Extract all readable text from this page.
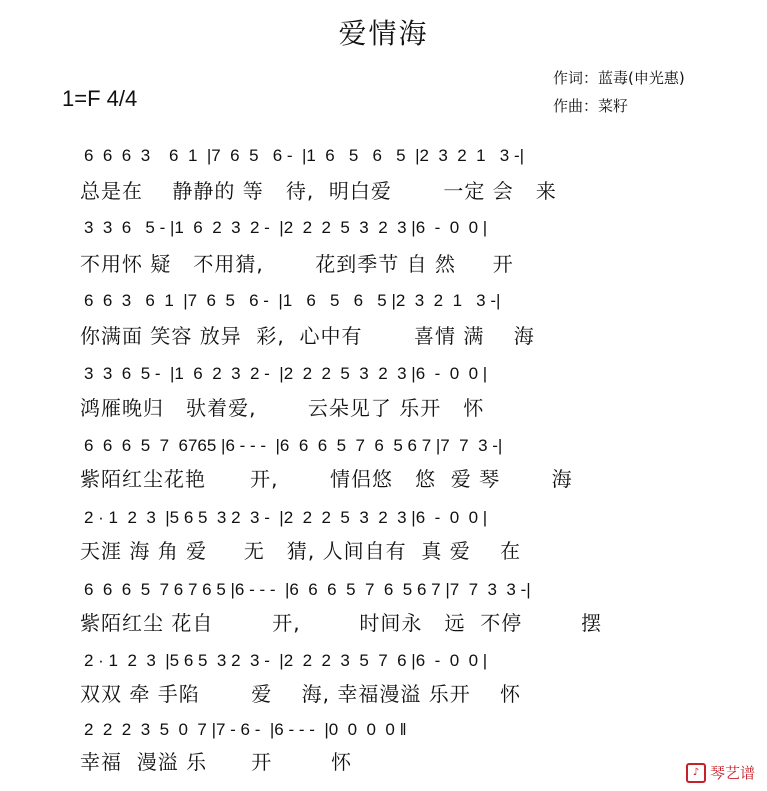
爱情海
1=F 4/4
作词：蓝毒(申光惠)
作曲：菜籽
6  6  6  3    6  1  |7  6  5   6 -  |1  6   5   6   5  |2  3  2  1   3 -|
总是在    静静的 等   待,  明白爱       一定 会   来
3  3  6   5 - |1  6  2  3  2 -  |2  2  2  5  3  2  3 |6  -  0  0 |
不用怀 疑   不用猜,       花到季节 自 然     开
6  6  3   6  1  |7  6  5   6 -  |1   6   5   6   5 |2  3  2  1   3 -|
你满面 笑容 放异  彩,  心中有       喜情 满    海
3  3  6  5 -  |1  6  2  3  2 -  |2  2  2  5  3  2  3 |6  -  0  0 |
鸿雁晚归   驮着爱,       云朵见了 乐开   怀
6  6  6  5  7  6765 |6 - - -  |6  6  6  5  7  6  5 6 7 |7  7  3 -|
紫陌红尘花艳      开,       情侣悠   悠  爱 琴       海
2 · 1  2  3  |5 6 5  3 2  3 -  |2  2  2  5  3  2  3 |6  -  0  0 |
天涯 海 角 爱     无   猜, 人间自有  真 爱    在
6  6  6  5  7 6 7 6 5 |6 - - -  |6  6  6  5  7  6  5 6 7 |7  7  3  3 -|
紫陌红尘 花自        开,        时间永   远  不停        摆
2 · 1  2  3  |5 6 5  3 2  3 -  |2  2  2  3  5  7  6 |6  -  0  0 |
双双 牵 手陷       爱    海, 幸福漫溢 乐开    怀
2  2  2  3  5  0  7 |7 - 6 -  |6 - - -  |0  0  0  0 ‖
幸福  漫溢 乐      开        怀	♪ 琴艺谱
